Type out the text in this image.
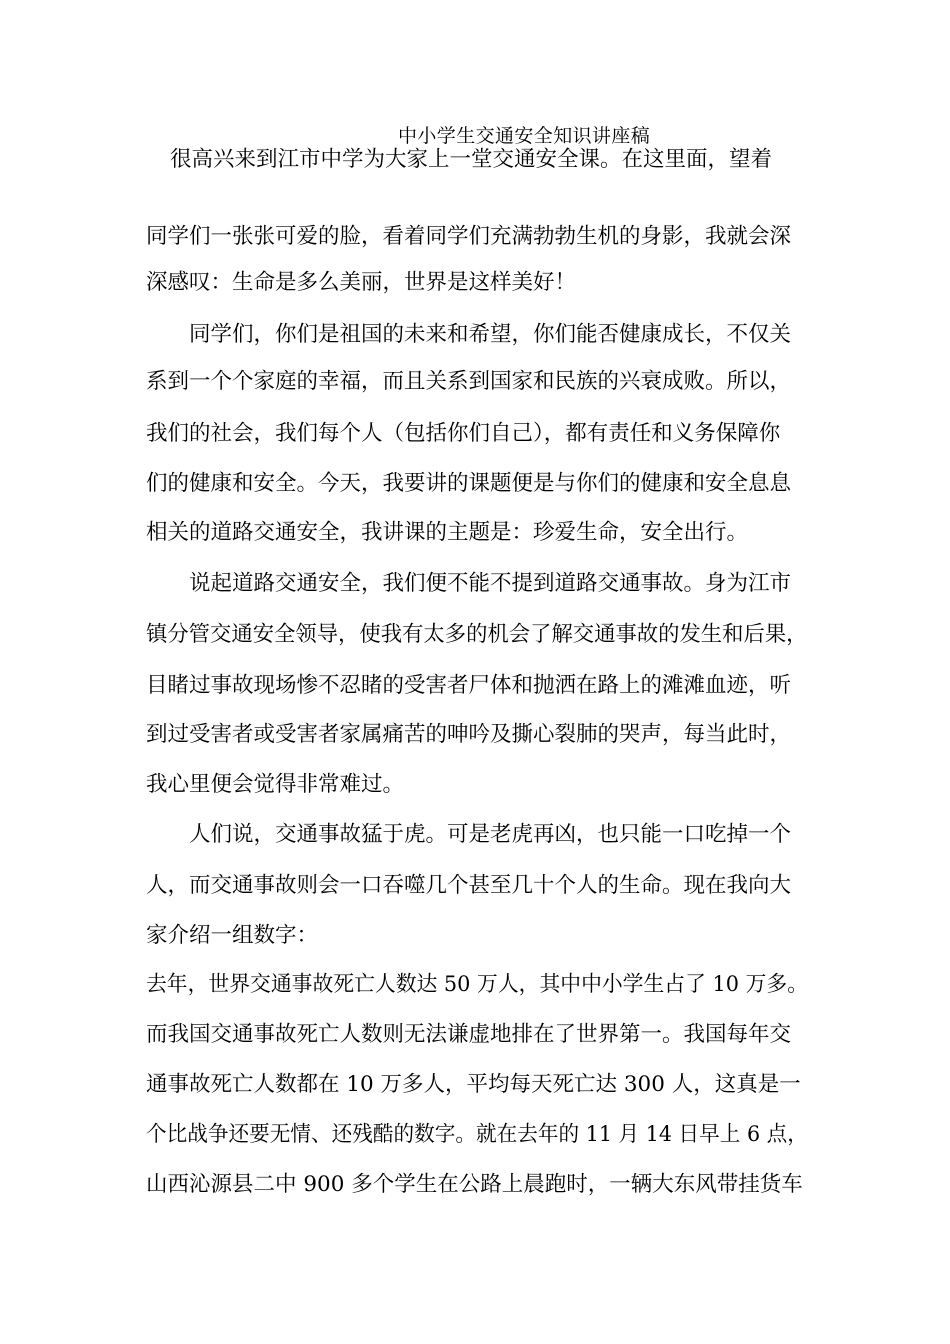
中小学生交通安全知识讲座稿
很高兴来到江市中学为大家上一堂交通安全课。在这里面，望着
同学们一张张可爱的脸，看着同学们充满勃勃生机的身影，我就会深
深感叹：生命是多么美丽，世界是这样美好！
同学们，你们是祖国的未来和希望，你们能否健康成长，不仅关
系到一个个家庭的幸福，而且关系到国家和民族的兴衰成败。所以，
我们的社会，我们每个人（包括你们自己），都有责任和义务保障你
们的健康和安全。今天，我要讲的课题便是与你们的健康和安全息息
相关的道路交通安全，我讲课的主题是：珍爱生命，安全出行。
说起道路交通安全，我们便不能不提到道路交通事故。身为江市
镇分管交通安全领导，使我有太多的机会了解交通事故的发生和后果，
目睹过事故现场惨不忍睹的受害者尸体和抛洒在路上的滩滩血迹，听
到过受害者或受害者家属痛苦的呻吟及撕心裂肺的哭声，每当此时，
我心里便会觉得非常难过。
人们说，交通事故猛于虎。可是老虎再凶，也只能一口吃掉一个
人，而交通事故则会一口吞噬几个甚至几十个人的生命。现在我向大
家介绍一组数字：
去年，世界交通事故死亡人数达 50 万人，其中中小学生占了 10 万多。
而我国交通事故死亡人数则无法谦虚地排在了世界第一。我国每年交
通事故死亡人数都在 10 万多人，平均每天死亡达 300 人，这真是一
个比战争还要无情、还残酷的数字。就在去年的 11 月 14 日早上 6 点，
山西沁源县二中 900 多个学生在公路上晨跑时，一辆大东风带挂货车
